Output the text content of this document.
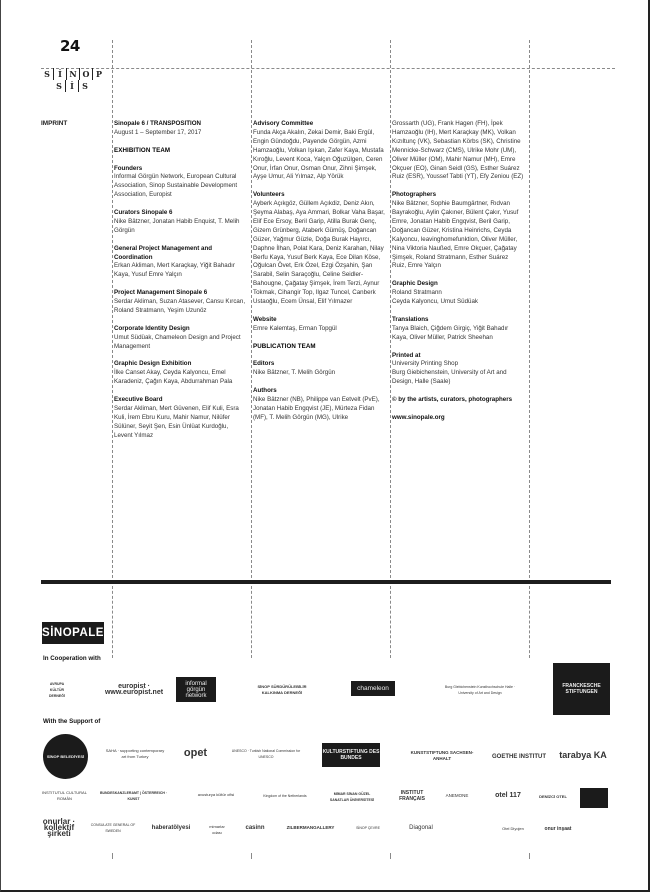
24
S	İ N O P
S	İ	S
IMPRINT	Sinopale 6 / TRANSPOSITION
August 1 – September 17, 2017

EXHIBITION TEAM

Founders
Informal Görgün Network, European Cultural Association, Sinop Sustainable Development Association, Europist

Curators Sinopale 6
Nike Bätzner, Jonatan Habib Enquist, T. Melih Görgün

General Project Management and Coordination
Erkan Akliman, Mert Karaçkay, Yiğit Bahadır Kaya, Yusuf Emre Yalçın

Project Management Sinopale 6
Serdar Akliman, Suzan Atasever, Cansu Kırcan, Roland Stratmann, Yeşim Uzunöz

Corporate Identity Design
Umut Südüak, Chameleon Design and Project Management

Graphic Design Exhibition
İlke Canset Akay, Ceyda Kalyoncu, Emel Karadeniz, Çağın Kaya, Abdurrahman Pala

Executive Board
Serdar Akliman, Mert Güvenen, Elif Kuli, Esra Kuli, İrem Ebru Kuru, Mahir Namur, Nilüfer Sülüner, Seyit Şen, Esin Ünlüat Kurdoğlu, Levent Yılmaz

Advisory Committee
Funda Akça Akalın, Zekai Demir, Baki Ergül, Engin Gündoğdu, Payende Görgün, Azmi Hamzaoğlu, Volkan Işıkan, Zafer Kaya, Mustafa Kıroğlu, Levent Koca, Yalçın Oğuzülgen, Ceren Onur, İrfan Onur, Osman Onur, Zihni Şimşek, Ayşe Umur, Ali Yılmaz, Alp Yörük

Volunteers
Ayberk Açıkgöz, Güllem Açıkdiz, Deniz Akın, Şeyma Alabaş, Aya Ammari, Bolkar Vaha Başar, Elif Ece Ersoy, Beril Garip, Atilla Burak Genç, Gizem Grünberg, Ataberk Gümüş, Doğancan Güzer, Yağmur Güzle, Doğa Burak Hayırcı, Daphne İlhan, Polat Kara, Deniz Karahan, Nilay Berfu Kaya, Yusuf Berk Kaya, Ece Dilan Köse, Oğulcan Övet, Erk Özel, Ezgi Özşahin, Şan Sarabil, Selin Saraçoğlu, Celine Seidler-Bahougne, Çağatay Şimşek, İrem Terzi, Aynur Tokmak, Cihangir Top, Ilgaz Tuncel, Canberk Ustaoğlu, Ecem Ünsal, Elif Yılmazer

Website
Emre Kalemtaş, Erman Topgül

PUBLICATION TEAM

Editors
Nike Bätzner, T. Melih Görgün

Authors
Nike Bätzner (NB), Philippe van Eetvelt (PvE), Jonatan Habib Engqvist (JE), Mürteza Fidan (MF), T. Melih Görgün (MG), Ulrike

Grossarth (UG), Frank Hagen (FH), İpek Hamzaoğlu (IH), Mert Karaçkay (MK), Volkan Kızıltunç (VK), Sebastian Körbs (SK), Christine Mennicke-Schwarz (CMS), Ulrike Mohr (UM), Oliver Müller (OM), Mahir Namur (MH), Emre Okçuer (EO), Ginan Seidl (GS), Esther Suárez Ruiz (ESR), Youssef Tabti (YT), Efy Zeniou (EZ)

Photographers
Nike Bätzner, Sophie Baumgärtner, Rıdvan Bayrakoğlu, Aylin Çakıner, Bülent Çakır, Yusuf Emre, Jonatan Habib Engqvist, Beril Garip, Doğancan Güzer, Kristina Heinrichs, Ceyda Kalyoncu, leavinghomefunktion, Oliver Müller, Nina Viktoria Naußed, Emre Okçuer, Çağatay Şimşek, Roland Stratmann, Esther Suárez Ruiz, Emre Yalçın

Graphic Design
Roland Stratmann
Ceyda Kalyoncu, Umut Südüak

Translations
Tanya Blaich, Çiğdem Girgiç, Yiğit Bahadır Kaya, Oliver Müller, Patrick Sheehan

Printed at
University Printing Shop
Burg Giebichenstein, University of Art and Design, Halle (Saale)

© by the artists, curators, photographers

www.sinopale.org

SİNOPALE
In Cooperation with
AVRUPA KÜLTÜR DERNEĞİ
europist · www.europist.net
informal görgün network
SİNOP SÜRDÜRÜLEBİLİR KALKINMA DERNEĞİ
chameleon	Burg Giebichenstein Kunsthochschule Halle · University of Art and Design
FRANCKESCHE STIFTUNGEN
With the Support of
SİNOP BELEDİYESİ
SAHA · supporting contemporary art from Turkey	opet	UNESCO · Turkish National Commission for UNESCO
KULTURSTIFTUNG DES BUNDES
KUNSTSTIFTUNG SACHSEN-ANHALT	GOETHE INSTITUT tarabya KA
INSTITUTUL CULTURAL ROMÂN
BUNDESKANZLERAMT | ÖSTERREICH · KUNST
avusturya kültür ofisi	Kingdom of the Netherlands
MİMAR SİNAN GÜZEL SANATLAR ÜNİVERSİTESİ
INSTITUT FRANÇAIS
ANEMONE	otel 117	DENİZCİ OTEL
onurlar · kollektif şirketi
CONSULATE GENERAL OF SWEDEN	haberatölyesi	mimarlar odası
casinn	ZILBERMANGALLERY	SİNOP ÇEVRE	Diagonal	Otel Diyojen	onur inşaat
